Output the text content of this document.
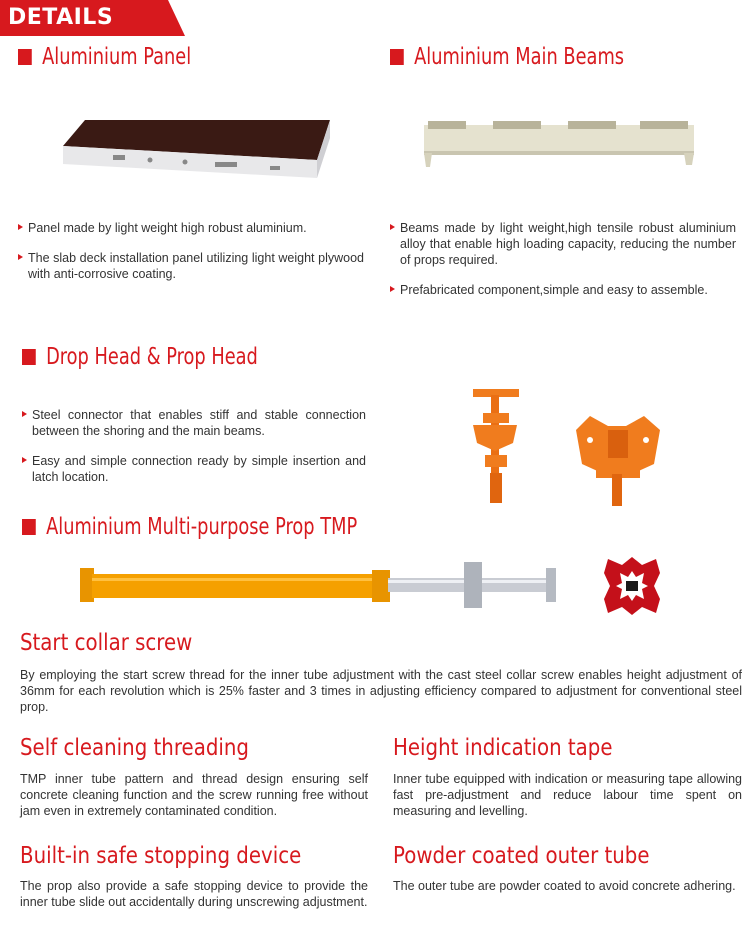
DETAILS
Aluminium Panel
Panel made by light weight high robust aluminium.
The slab deck installation panel utilizing light weight plywood with anti-corrosive coating.
Aluminium Main Beams
Beams made by light weight,high tensile robust aluminium alloy that enable high loading capacity, reducing the number of props required.
Prefabricated component,simple and easy to assemble.
Drop Head & Prop Head
Steel connector that enables stiff and stable connection between the shoring and the main beams.
Easy and simple connection ready by simple insertion and latch location.
Aluminium Multi-purpose Prop TMP
Start collar screw
By employing the start screw thread for the inner tube adjustment with the cast steel collar screw enables height adjustment of 36mm for each revolution which is 25% faster and 3 times in adjusting efficiency compared to adjustment for conventional steel prop.
Self cleaning threading
TMP inner tube pattern and thread design ensuring self concrete cleaning function and the screw running free without jam even in extremely contaminated condition.
Height indication tape
Inner tube equipped with indication or measuring tape allowing fast pre-adjustment and reduce labour time spent on measuring and levelling.
Built-in safe stopping device
The prop also provide a safe stopping device to provide the inner tube slide out accidentally during unscrewing adjustment.
Powder coated outer tube
The outer tube are powder coated to avoid concrete adhering.
